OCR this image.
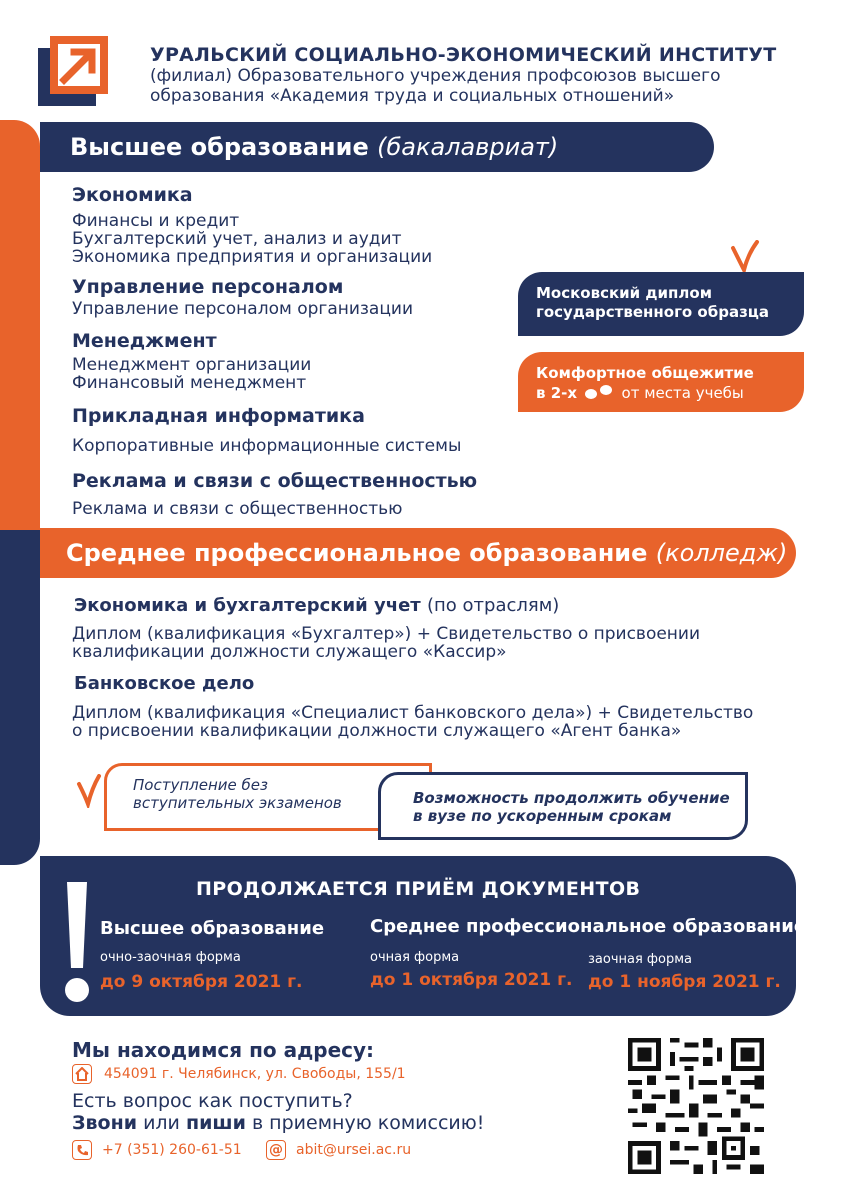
УРАЛЬСКИЙ СОЦИАЛЬНО-ЭКОНОМИЧЕСКИЙ ИНСТИТУТ
(филиал) Образовательного учреждения профсоюзов высшего
образования «Академия труда и социальных отношений»
Высшее образование
(бакалавриат)
Экономика
Финансы и кредит
Бухгалтерский учет, анализ и аудит
Экономика предприятия и организации
Управление персоналом
Управление персоналом организации
Менеджмент
Менеджмент организации
Финансовый менеджмент
Прикладная информатика
Корпоративные информационные системы
Реклама и связи с общественностью
Реклама и связи с общественностью
Московский диплом
государственного образца
Комфортное общежитие
в 2-х	от места учебы
Среднее профессиональное образование
(колледж)
Экономика и бухгалтерский учет (по отраслям)
Диплом (квалификация «Бухгалтер») + Свидетельство о присвоении
квалификации должности служащего «Кассир»
Банковское дело
Диплом (квалификация «Специалист банковского дела») + Свидетельство
о присвоении квалификации должности служащего «Агент банка»
Поступление без
вступительных экзаменов	Возможность продолжить обучение
в вузе по ускоренным срокам
ПРОДОЛЖАЕТСЯ ПРИЁМ ДОКУМЕНТОВ
Высшее образование
очно-заочная форма
до 9 октября 2021 г.
Среднее профессиональное образование
очная форма
до 1 октября 2021 г.
заочная форма
до 1 ноября 2021 г.
Мы находимся по адресу:
454091 г. Челябинск, ул. Свободы, 155/1
Есть вопрос как поступить?
Звони или пиши в приемную комиссию!
+7 (351) 260-61-51 @ abit@ursei.ac.ru
